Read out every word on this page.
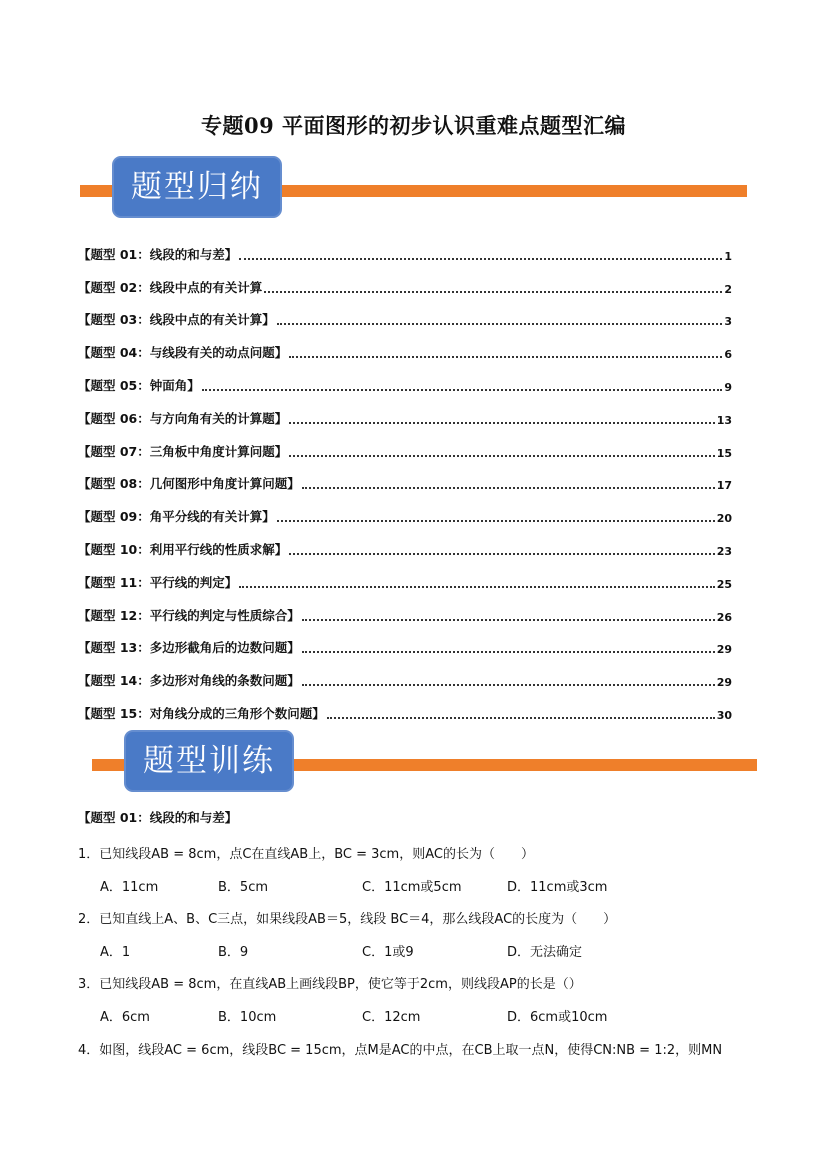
专题09 平面图形的初步认识重难点题型汇编
题型归纳
【题型 01：线段的和与差】	1
【题型 02：线段中点的有关计算	2
【题型 03：线段中点的有关计算】	3
【题型 04：与线段有关的动点问题】	6
【题型 05：钟面角】	9
【题型 06：与方向角有关的计算题】	13
【题型 07：三角板中角度计算问题】	15
【题型 08：几何图形中角度计算问题】	17
【题型 09：角平分线的有关计算】	20
【题型 10：利用平行线的性质求解】	23
【题型 11：平行线的判定】	25
【题型 12：平行线的判定与性质综合】	26
【题型 13：多边形截角后的边数问题】	29
【题型 14：多边形对角线的条数问题】	29
【题型 15：对角线分成的三角形个数问题】	30
题型训练
【题型 01：线段的和与差】
1．已知线段AB = 8cm，点C在直线AB上，BC = 3cm，则AC的长为（　　）
A．11cm	B．5cm	C．11cm或5cm	D．11cm或3cm
2．已知直线上A、B、C三点，如果线段AB＝5，线段 BC＝4，那么线段AC的长度为（　　）
A．1	B．9	C．1或9	D．无法确定
3．已知线段AB = 8cm，在直线AB上画线段BP，使它等于2cm，则线段AP的长是（）
A．6cm	B．10cm	C．12cm	D．6cm或10cm
4．如图，线段AC = 6cm，线段BC = 15cm，点M是AC的中点，在CB上取一点N，使得CN:NB = 1:2，则MN
